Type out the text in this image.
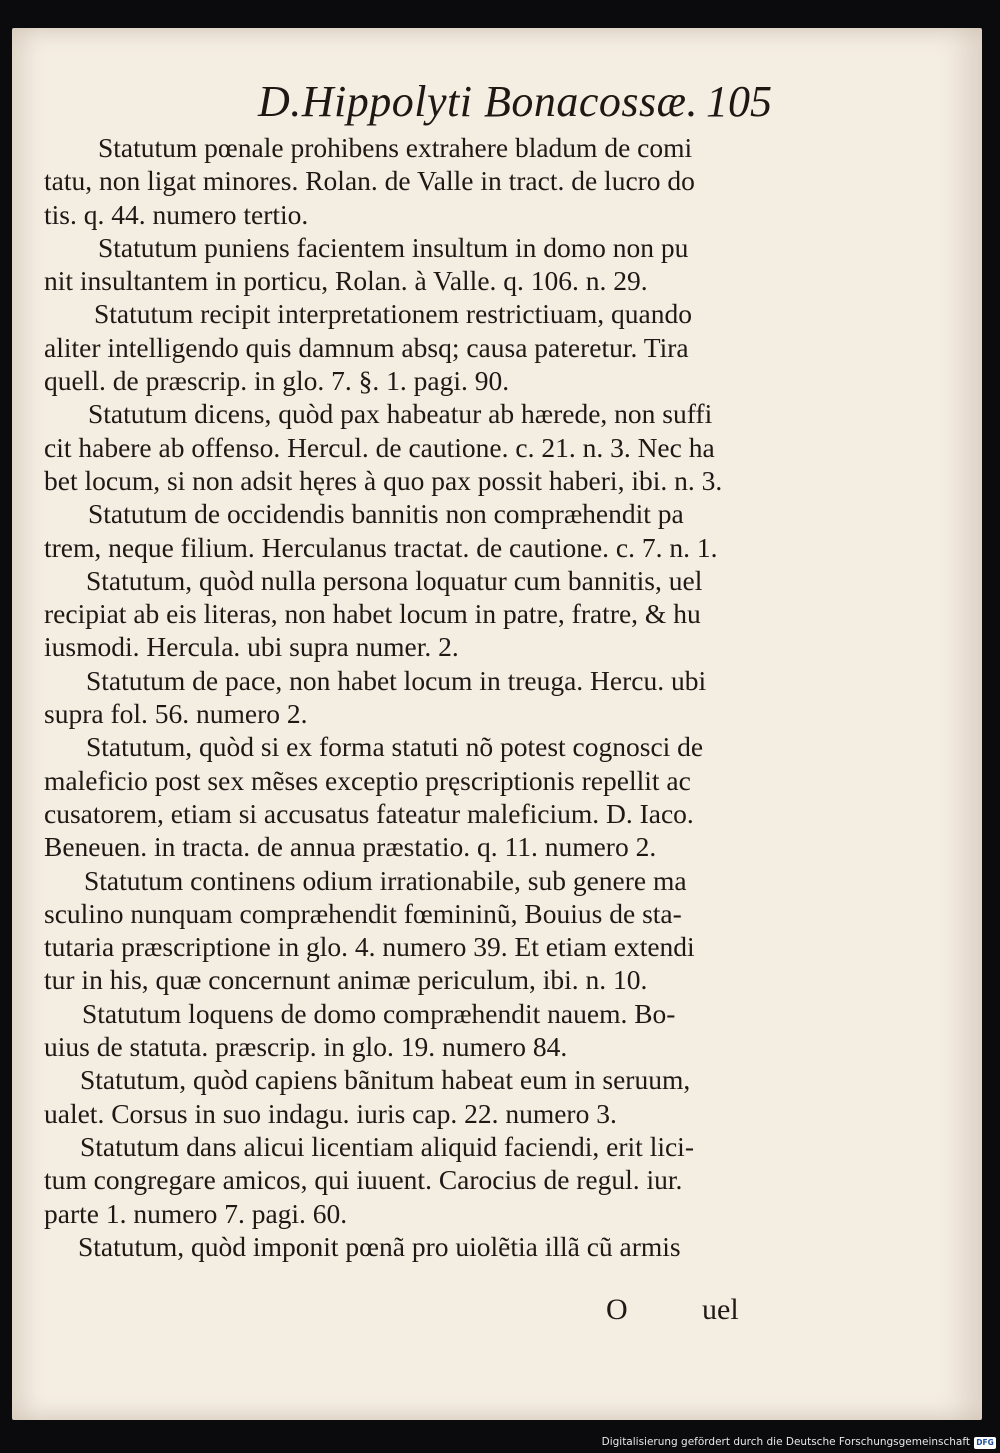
D.Hippolyti Bonacossæ. 105
Statutum pœnale prohibens extrahere bladum de comi
tatu, non ligat minores. Rolan. de Valle in tract. de lucro do
tis. q. 44. numero tertio.
Statutum puniens facientem insultum in domo non pu
nit insultantem in porticu, Rolan. à Valle. q. 106. n. 29.
Statutum recipit interpretationem restrictiuam, quando
aliter intelligendo quis damnum absq; causa pateretur. Tira
quell. de præscrip. in glo. 7. §. 1. pagi. 90.
Statutum dicens, quòd pax habeatur ab hærede, non suffi
cit habere ab offenso. Hercul. de cautione. c. 21. n. 3. Nec ha
bet locum, si non adsit hęres à quo pax possit haberi, ibi. n. 3.
Statutum de occidendis bannitis non compræhendit pa
trem, neque filium. Herculanus tractat. de cautione. c. 7. n. 1.
Statutum, quòd nulla persona loquatur cum bannitis, uel
recipiat ab eis literas, non habet locum in patre, fratre, & hu
iusmodi. Hercula. ubi supra numer. 2.
Statutum de pace, non habet locum in treuga. Hercu. ubi
supra fol. 56. numero 2.
Statutum, quòd si ex forma statuti nõ potest cognosci de
maleficio post sex mẽses exceptio pręscriptionis repellit ac
cusatorem, etiam si accusatus fateatur maleficium. D. Iaco.
Beneuen. in tracta. de annua præstatio. q. 11. numero 2.
Statutum continens odium irrationabile, sub genere ma
sculino nunquam compræhendit fœmininũ, Bouius de sta-
tutaria præscriptione in glo. 4. numero 39. Et etiam extendi
tur in his, quæ concernunt animæ periculum, ibi. n. 10.
Statutum loquens de domo compræhendit nauem. Bo-
uius de statuta. præscrip. in glo. 19. numero 84.
Statutum, quòd capiens bãnitum habeat eum in seruum,
ualet. Corsus in suo indagu. iuris cap. 22. numero 3.
Statutum dans alicui licentiam aliquid faciendi, erit lici-
tum congregare amicos, qui iuuent. Carocius de regul. iur.
parte 1. numero 7. pagi. 60.
Statutum, quòd imponit pœnã pro uiolẽtia illã cũ armis
O uel
Digitalisierung gefördert durch die Deutsche Forschungsgemeinschaft DFG
